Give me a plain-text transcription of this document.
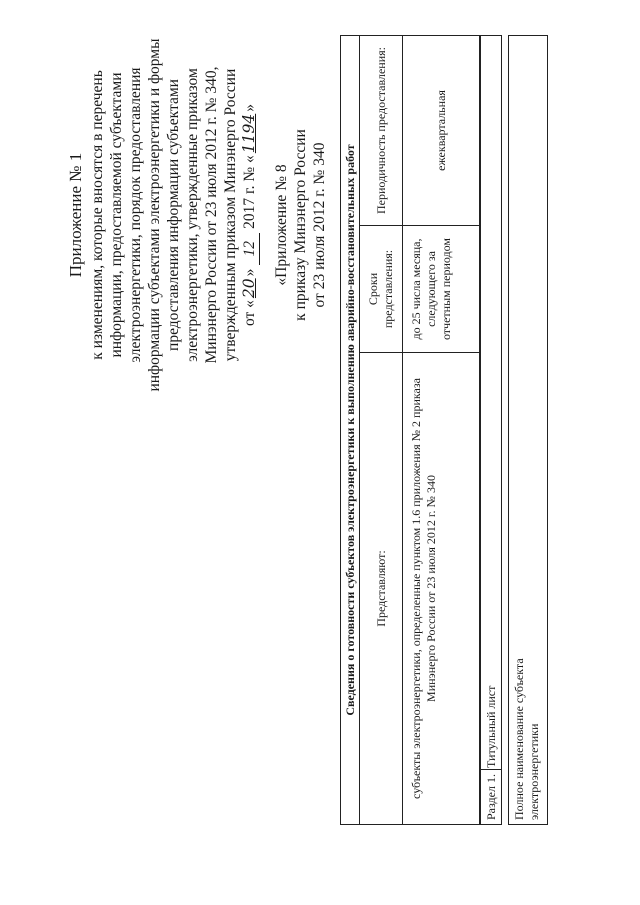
Приложение № 1 к изменениям, которые вносятся в перечень информации, предоставляемой субъектами электроэнергетики, порядок предоставления информации субъектами электроэнергетики и формы предоставления информации субъектами электроэнергетики, утвержденные приказом Минэнерго России от 23 июля 2012 г. № 340, утвержденным приказом Минэнерго России от «20» 12 2017 г. № «1194»
«Приложение № 8 к приказу Минэнерго России от 23 июля 2012 г. № 340 Сведения о готовности субъектов электроэнергетики к выполнению аварийно-восстановительных работ Представляют:	Сроки представления:	Периодичность предоставления:
субъекты электроэнергетики, определенные пунктом 1.6 приложения № 2 приказа Минэнерго России от 23 июля 2012 г. № 340	до 25 числа месяца, следующего за отчетным периодом	ежеквартальная
Раздел 1.
Титульный лист Полное наименование субъекта электроэнергетики
